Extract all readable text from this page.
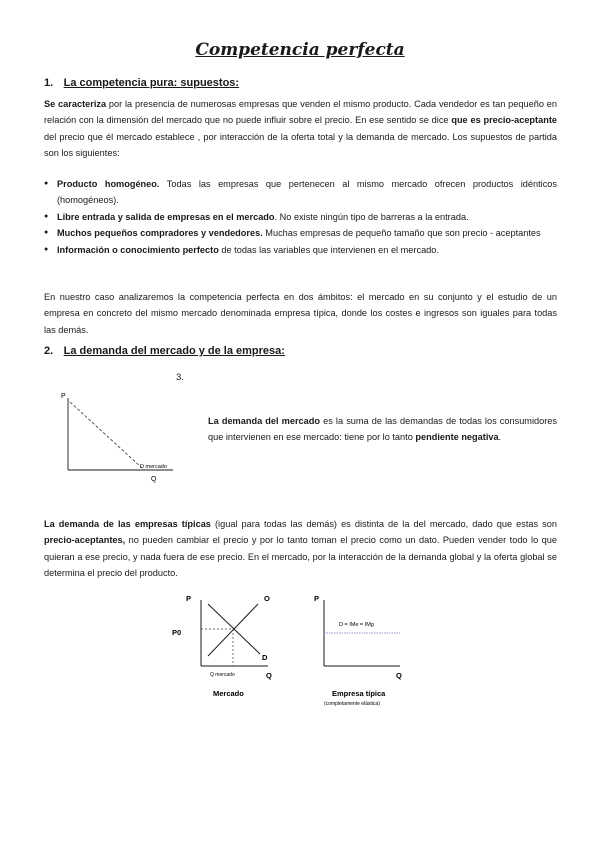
Competencia perfecta
1. La competencia pura: supuestos:
Se caracteriza por la presencia de numerosas empresas que venden el mismo producto. Cada vendedor es tan pequeño en relación con la dimensión del mercado que no puede influir sobre el precio. En ese sentido se dice que es precio-aceptante del precio que él mercado establece , por interacción de la oferta total y la demanda de mercado. Los supuestos de partida son los siguientes:
● Producto homogéneo. Todas las empresas que pertenecen al mismo mercado ofrecen productos idénticos (homogéneos).
● Libre entrada y salida de empresas en el mercado. No existe ningún tipo de barreras a la entrada.
● Muchos pequeños compradores y vendedores. Muchas empresas de pequeño tamaño que son precio - aceptantes
● Información o conocimiento perfecto de todas las variables que intervienen en el mercado.
En nuestro caso analizaremos la competencia perfecta en dos ámbitos: el mercado en su conjunto y el estudio de un empresa en concreto del mismo mercado denominada empresa típica, donde los costes e ingresos son iguales para todas las demás.
2. La demanda del mercado y de la empresa:
3.
P
Q
D mercado
La demanda del mercado es la suma de las demandas de todas los consumidores que intervienen en ese mercado: tiene por lo tanto pendiente negativa.
La demanda de las empresas típicas (igual para todas las demás) es distinta de la del mercado, dado que estas son precio-aceptantes, no pueden cambiar el precio y por lo tanto toman el precio como un dato. Pueden vender todo lo que quieran a ese precio, y nada fuera de ese precio. En el mercado, por la interacción de la demanda global y la oferta global se determina el precio del producto.
P	O
P0
D
Q mercado	Q
Mercado
P
D = IMe = IMg
Q
Empresa típica
(completamente elástica)
